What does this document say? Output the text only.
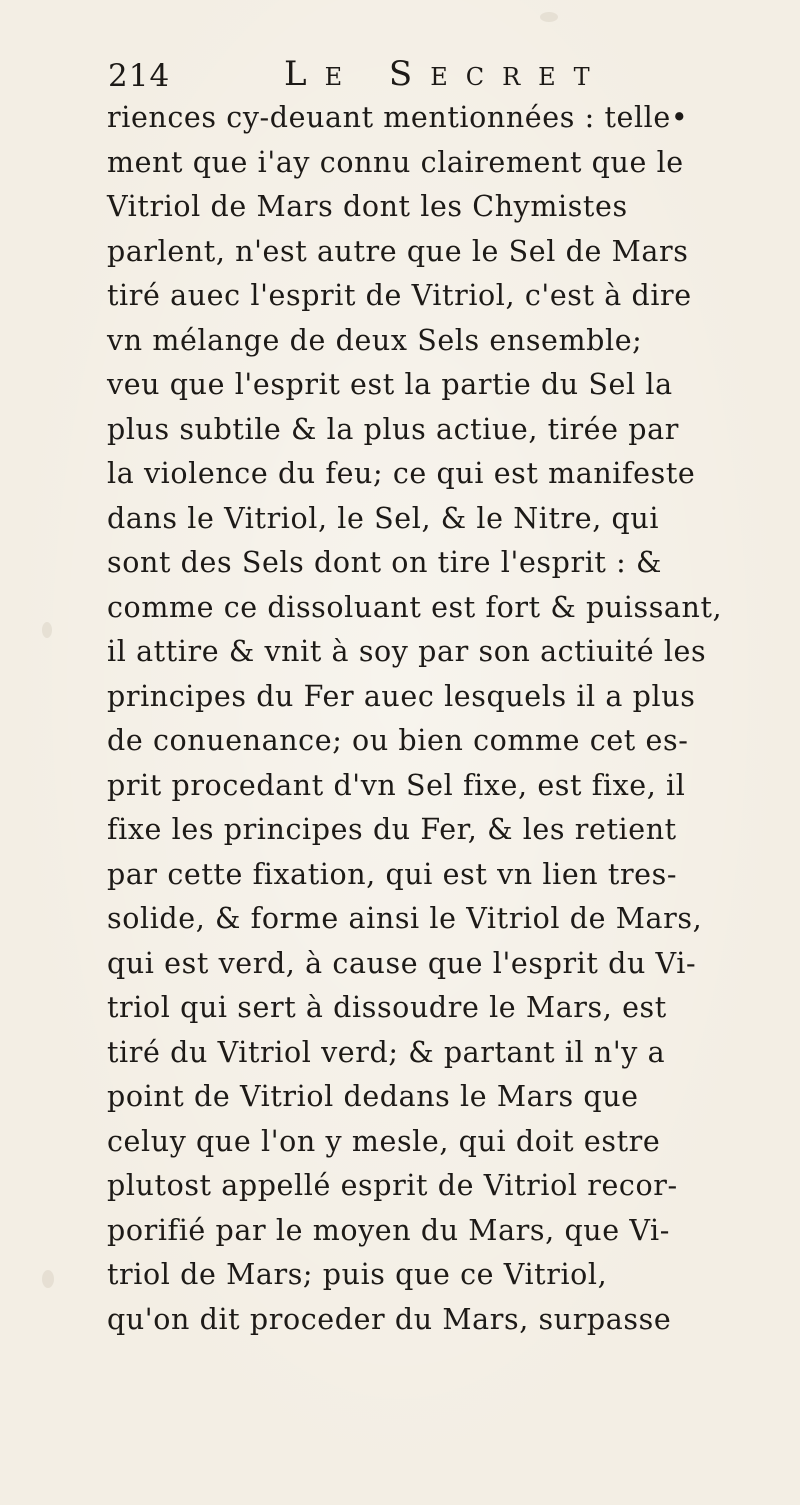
214	Le Secret
riences cy-deuant mentionnées : telle•
ment que i'ay connu clairement que le
Vitriol de Mars dont les Chymistes
parlent, n'est autre que le Sel de Mars
tiré auec l'esprit de Vitriol, c'est à dire
vn mélange de deux Sels ensemble;
veu que l'esprit est la partie du Sel la
plus subtile & la plus actiue, tirée par
la violence du feu; ce qui est manifeste
dans le Vitriol, le Sel, & le Nitre, qui
sont des Sels dont on tire l'esprit : &
comme ce dissoluant est fort & puissant,
il attire & vnit à soy par son actiuité les
principes du Fer auec lesquels il a plus
de conuenance; ou bien comme cet es-
prit procedant d'vn Sel fixe, est fixe, il
fixe les principes du Fer, & les retient
par cette fixation, qui est vn lien tres-
solide, & forme ainsi le Vitriol de Mars,
qui est verd, à cause que l'esprit du Vi-
triol qui sert à dissoudre le Mars, est
tiré du Vitriol verd; & partant il n'y a
point de Vitriol dedans le Mars que
celuy que l'on y mesle, qui doit estre
plutost appellé esprit de Vitriol recor-
porifié par le moyen du Mars, que Vi-
triol de Mars; puis que ce Vitriol,
qu'on dit proceder du Mars, surpasse
